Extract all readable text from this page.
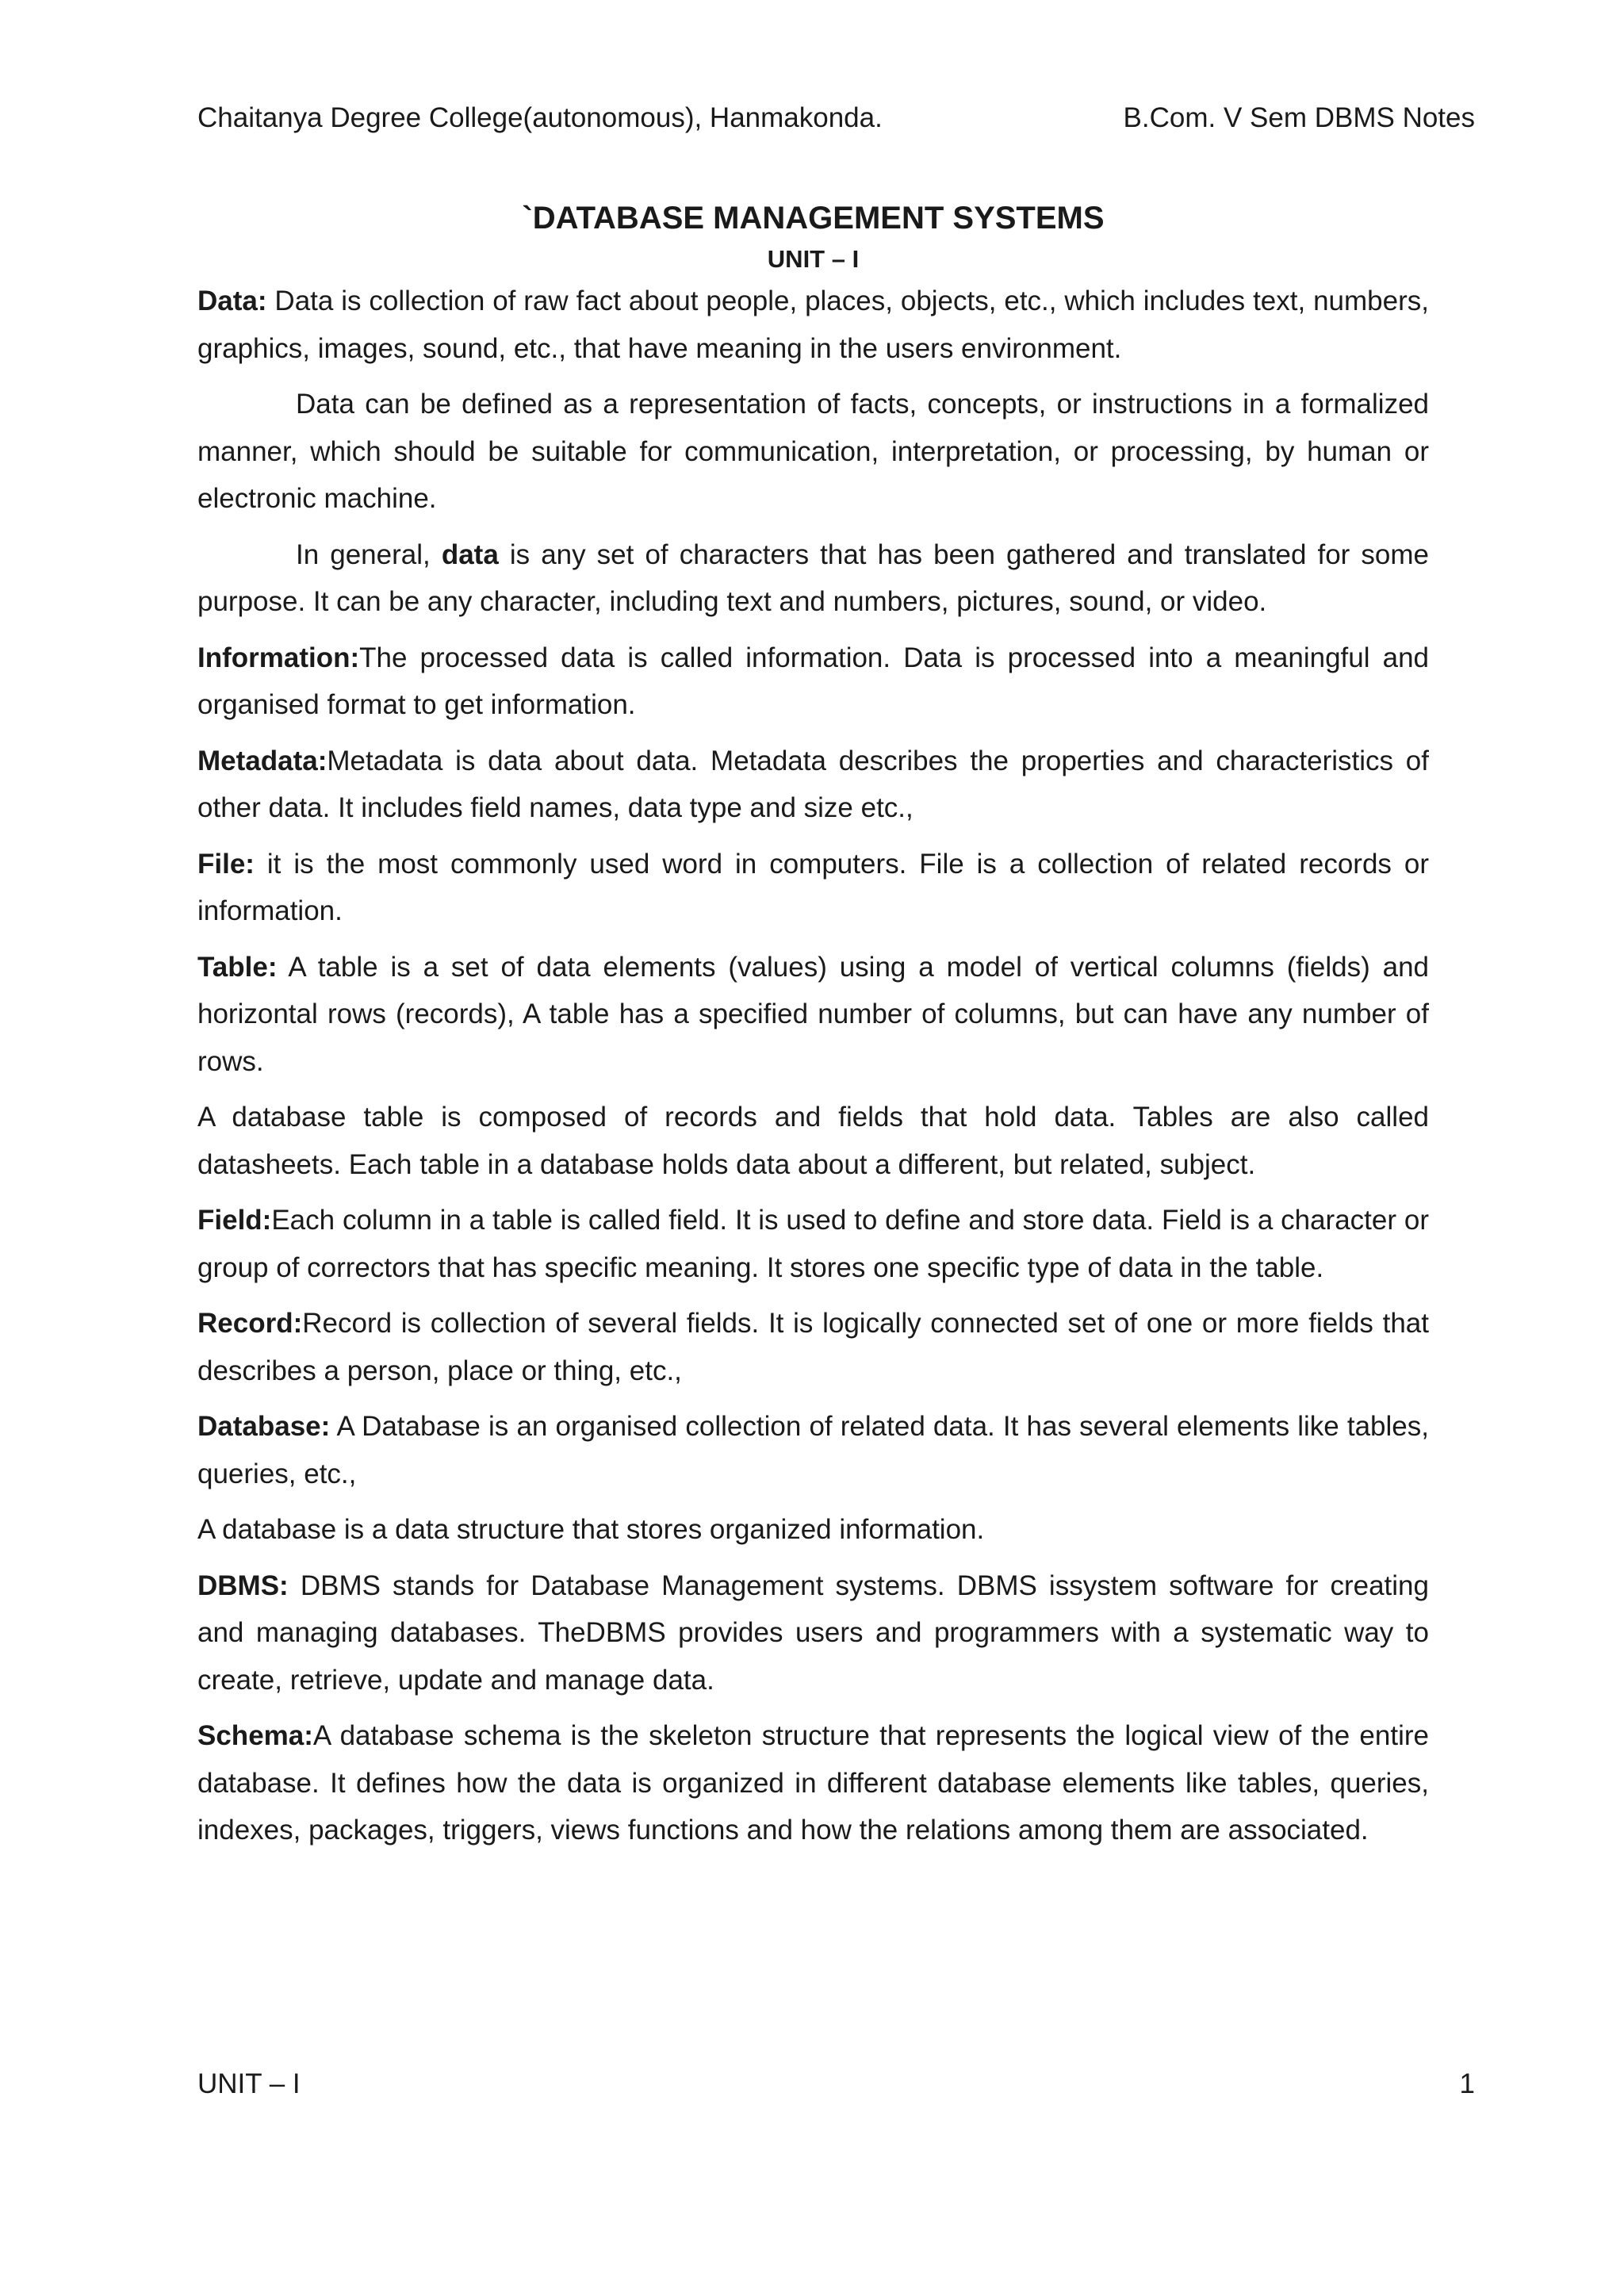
Chaitanya Degree College(autonomous), Hanmakonda.	B.Com. V Sem DBMS Notes
`DATABASE MANAGEMENT SYSTEMS
UNIT – I

Data: Data is collection of raw fact about people, places, objects, etc., which includes text, numbers, graphics, images, sound, etc., that have meaning in the users environment.

Data can be defined as a representation of facts, concepts, or instructions in a formalized manner, which should be suitable for communication, interpretation, or processing, by human or electronic machine.

In general, data is any set of characters that has been gathered and translated for some purpose. It can be any character, including text and numbers, pictures, sound, or video.

Information:The processed data is called information. Data is processed into a meaningful and organised format to get information.

Metadata:Metadata is data about data. Metadata describes the properties and characteristics of other data. It includes field names, data type and size etc.,

File: it is the most commonly used word in computers. File is a collection of related records or information.

Table: A table is a set of data elements (values) using a model of vertical columns (fields) and horizontal rows (records), A table has a specified number of columns, but can have any number of rows.

A database table is composed of records and fields that hold data. Tables are also called datasheets. Each table in a database holds data about a different, but related, subject.

Field:Each column in a table is called field. It is used to define and store data. Field is a character or group of correctors that has specific meaning. It stores one specific type of data in the table.

Record:Record is collection of several fields. It is logically connected set of one or more fields that describes a person, place or thing, etc.,

Database: A Database is an organised collection of related data. It has several elements like tables, queries, etc.,

A database is a data structure that stores organized information.

DBMS: DBMS stands for Database Management systems. DBMS issystem software for creating and managing databases. TheDBMS provides users and programmers with a systematic way to create, retrieve, update and manage data.

Schema:A database schema is the skeleton structure that represents the logical view of the entire database. It defines how the data is organized in different database elements like tables, queries, indexes, packages, triggers, views functions and how the relations among them are associated.

UNIT – I	1
